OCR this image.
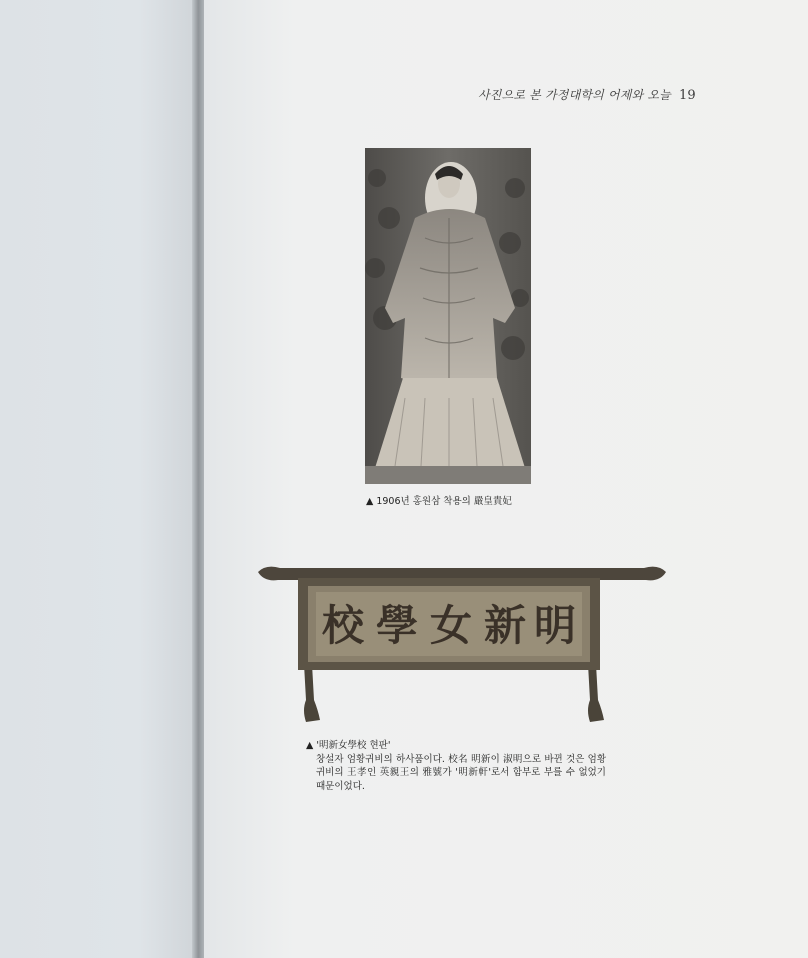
사진으로 본 가정대학의 어제와 오늘 19
▲ 1906년 홍원삼 착용의 嚴皇貴妃
校 學 女 新 明
▲ '明新女學校 현판'
창설자 엄황귀비의 하사품이다. 校名 明新이 淑明으로 바뀐 것은 엄황귀비의 王孝인 英親王의 雅號가 '明新軒'로서 함부로 부를 수 없었기 때문이었다.
